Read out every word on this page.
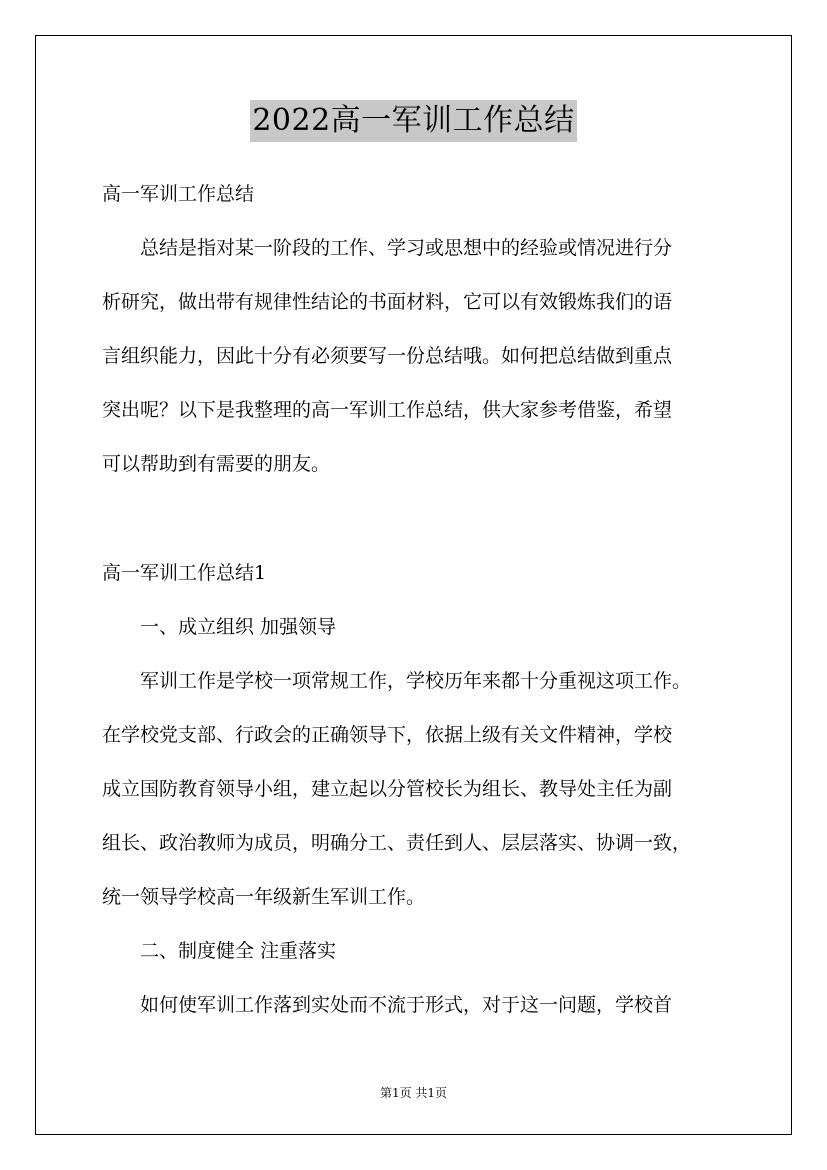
2022高一军训工作总结
高一军训工作总结
总结是指对某一阶段的工作、学习或思想中的经验或情况进行分
析研究，做出带有规律性结论的书面材料，它可以有效锻炼我们的语
言组织能力，因此十分有必须要写一份总结哦。如何把总结做到重点
突出呢？以下是我整理的高一军训工作总结，供大家参考借鉴，希望
可以帮助到有需要的朋友。
高一军训工作总结1
一、成立组织 加强领导
军训工作是学校一项常规工作，学校历年来都十分重视这项工作。
在学校党支部、行政会的正确领导下，依据上级有关文件精神，学校
成立国防教育领导小组，建立起以分管校长为组长、教导处主任为副
组长、政治教师为成员，明确分工、责任到人、层层落实、协调一致，
统一领导学校高一年级新生军训工作。
二、制度健全 注重落实
如何使军训工作落到实处而不流于形式，对于这一问题，学校首
第1页 共1页
